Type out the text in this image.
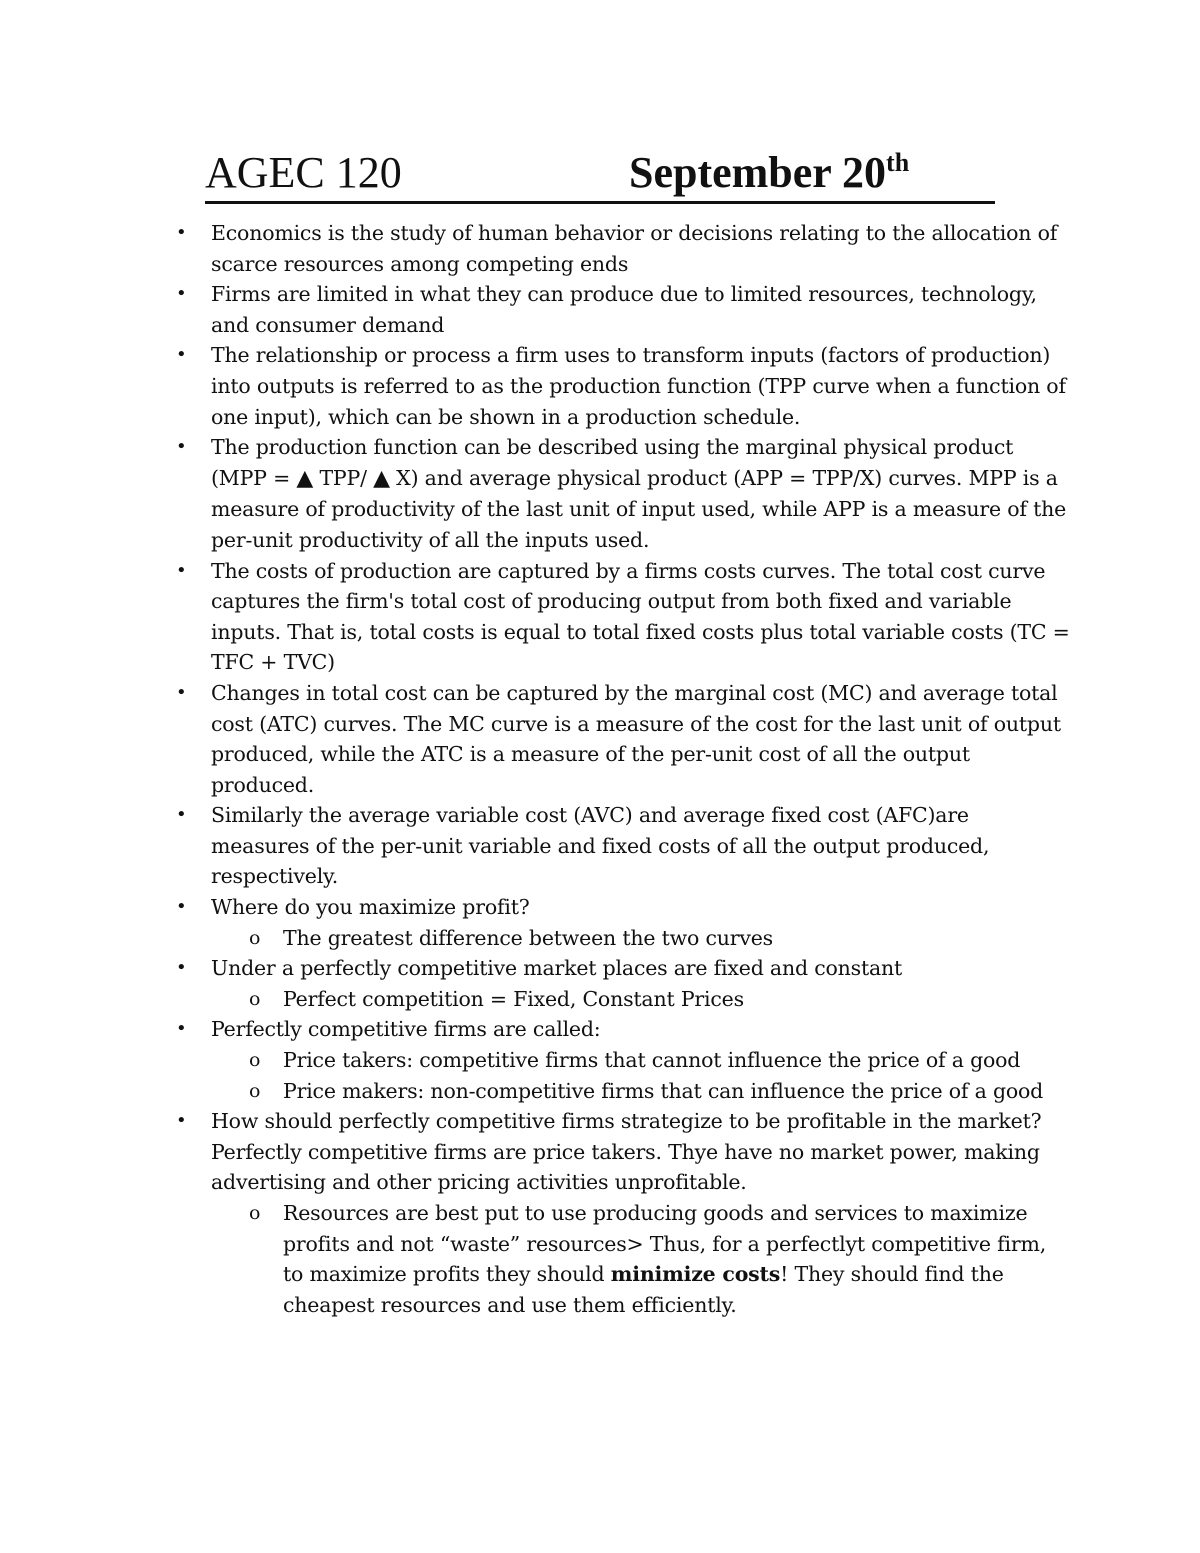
AGEC 120	September 20th
• Economics is the study of human behavior or decisions relating to the allocation of scarce resources among competing ends
• Firms are limited in what they can produce due to limited resources, technology, and consumer demand
• The relationship or process a firm uses to transform inputs (factors of production) into outputs is referred to as the production function (TPP curve when a function of one input), which can be shown in a production schedule.
• The production function can be described using the marginal physical product (MPP = ▲ TPP/ ▲ X) and average physical product (APP = TPP/X) curves. MPP is a measure of productivity of the last unit of input used, while APP is a measure of the per-unit productivity of all the inputs used.
• The costs of production are captured by a firms costs curves. The total cost curve captures the firm's total cost of producing output from both fixed and variable inputs. That is, total costs is equal to total fixed costs plus total variable costs (TC = TFC + TVC)
• Changes in total cost can be captured by the marginal cost (MC) and average total cost (ATC) curves. The MC curve is a measure of the cost for the last unit of output produced, while the ATC is a measure of the per-unit cost of all the output produced.
• Similarly the average variable cost (AVC) and average fixed cost (AFC)are measures of the per-unit variable and fixed costs of all the output produced, respectively.
• Where do you maximize profit?
o The greatest difference between the two curves
• Under a perfectly competitive market places are fixed and constant
o Perfect competition = Fixed, Constant Prices
• Perfectly competitive firms are called:
o Price takers: competitive firms that cannot influence the price of a good
o Price makers: non-competitive firms that can influence the price of a good
• How should perfectly competitive firms strategize to be profitable in the market? Perfectly competitive firms are price takers. Thye have no market power, making advertising and other pricing activities unprofitable.
o Resources are best put to use producing goods and services to maximize profits and not “waste” resources> Thus, for a perfectlyt competitive firm, to maximize profits they should minimize costs! They should find the cheapest resources and use them efficiently.
